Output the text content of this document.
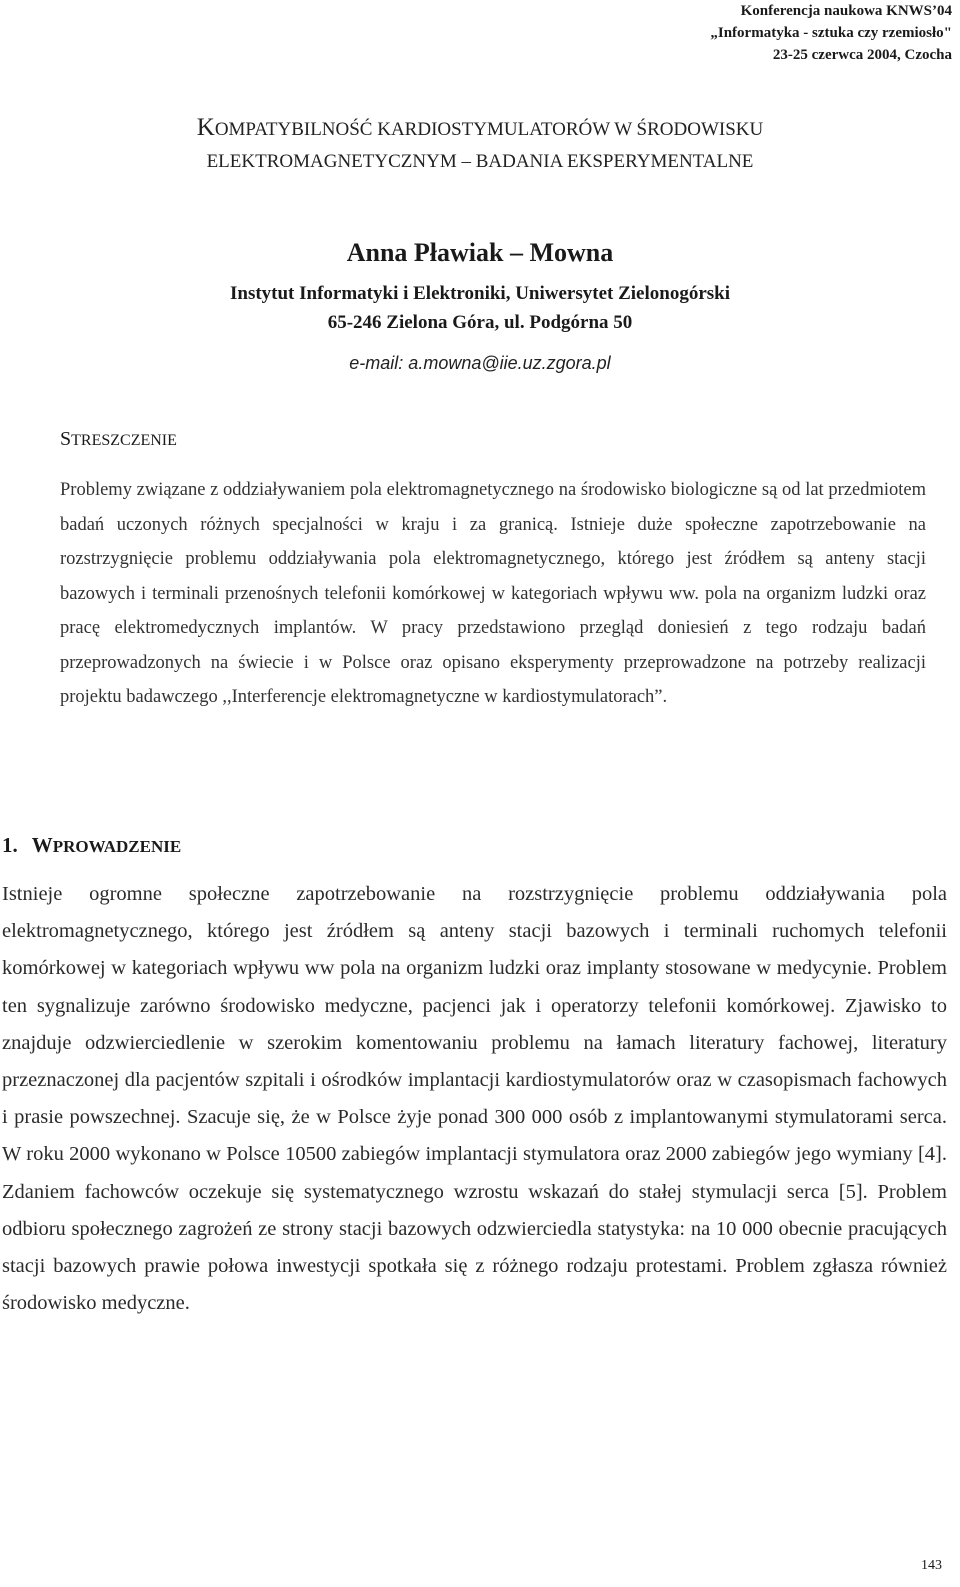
Konferencja naukowa KNWS’04
„Informatyka - sztuka czy rzemiosło"
23-25 czerwca 2004, Czocha
KOMPATYBILNOŚĆ KARDIOSTYMULATORÓW W ŚRODOWISKU
ELEKTROMAGNETYCZNYM – BADANIA EKSPERYMENTALNE
Anna Pławiak – Mowna
Instytut Informatyki i Elektroniki, Uniwersytet Zielonogórski
65-246 Zielona Góra, ul. Podgórna 50
e-mail: a.mowna@iie.uz.zgora.pl
STRESZCZENIE
Problemy związane z oddziaływaniem pola elektromagnetycznego na środowisko biologiczne są od lat przedmiotem badań uczonych różnych specjalności w kraju i za granicą. Istnieje duże społeczne zapotrzebowanie na rozstrzygnięcie problemu oddziaływania pola elektromagnetycznego, którego jest źródłem są anteny stacji bazowych i terminali przenośnych telefonii komórkowej w kategoriach wpływu ww. pola na organizm ludzki oraz pracę elektromedycznych implantów. W pracy przedstawiono przegląd doniesień z tego rodzaju badań przeprowadzonych na świecie i w Polsce oraz opisano eksperymenty przeprowadzone na potrzeby realizacji projektu badawczego ,,Interferencje elektromagnetyczne w kardiostymulatorach”.
1. WPROWADZENIE
Istnieje ogromne społeczne zapotrzebowanie na rozstrzygnięcie problemu oddziaływania pola elektromagnetycznego, którego jest źródłem są anteny stacji bazowych i terminali ruchomych telefonii komórkowej w kategoriach wpływu ww pola na organizm ludzki oraz implanty stosowane w medycynie. Problem ten sygnalizuje zarówno środowisko medyczne, pacjenci jak i operatorzy telefonii komórkowej. Zjawisko to znajduje odzwierciedlenie w szerokim komentowaniu problemu na łamach literatury fachowej, literatury przeznaczonej dla pacjentów szpitali i ośrodków implantacji kardiostymulatorów oraz w czasopismach fachowych i prasie powszechnej. Szacuje się, że w Polsce żyje ponad 300 000 osób z implantowanymi stymulatorami serca. W roku 2000 wykonano w Polsce 10500 zabiegów implantacji stymulatora oraz 2000 zabiegów jego wymiany [4]. Zdaniem fachowców oczekuje się systematycznego wzrostu wskazań do stałej stymulacji serca [5]. Problem odbioru społecznego zagrożeń ze strony stacji bazowych odzwierciedla statystyka: na 10 000 obecnie pracujących stacji bazowych prawie połowa inwestycji spotkała się z różnego rodzaju protestami. Problem zgłasza również środowisko medyczne.
143
